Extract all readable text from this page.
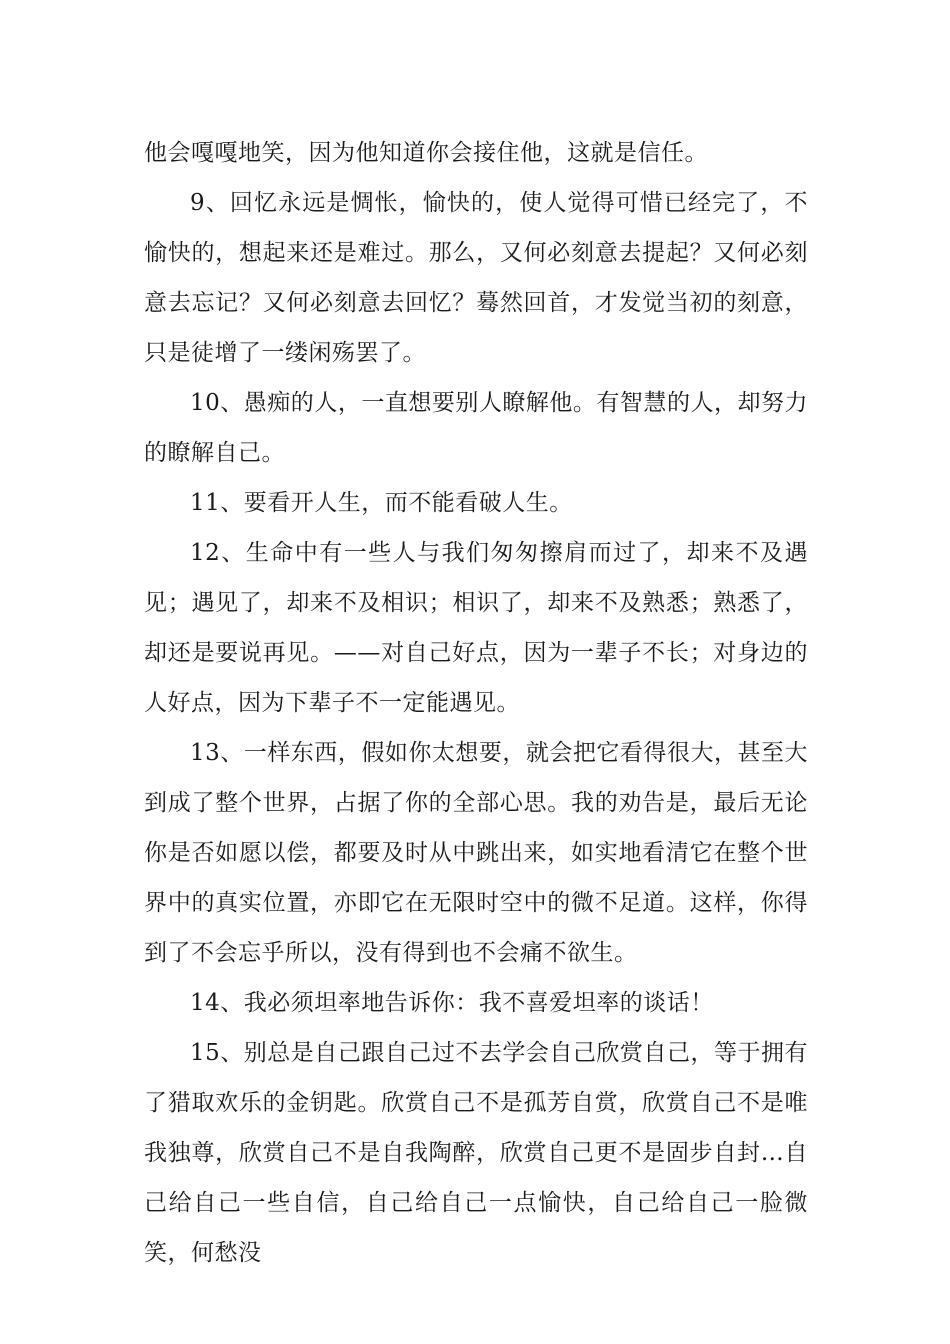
他会嘎嘎地笑，因为他知道你会接住他，这就是信任。

9、回忆永远是惆怅，愉快的，使人觉得可惜已经完了，不愉快的，想起来还是难过。那么，又何必刻意去提起？又何必刻意去忘记？又何必刻意去回忆？蓦然回首，才发觉当初的刻意，只是徒增了一缕闲殇罢了。

10、愚痴的人，一直想要别人瞭解他。有智慧的人，却努力的瞭解自己。

11、要看开人生，而不能看破人生。

12、生命中有一些人与我们匆匆擦肩而过了，却来不及遇见；遇见了，却来不及相识；相识了，却来不及熟悉；熟悉了，却还是要说再见。——对自己好点，因为一辈子不长；对身边的人好点，因为下辈子不一定能遇见。

13、一样东西，假如你太想要，就会把它看得很大，甚至大到成了整个世界，占据了你的全部心思。我的劝告是，最后无论你是否如愿以偿，都要及时从中跳出来，如实地看清它在整个世界中的真实位置，亦即它在无限时空中的微不足道。这样，你得到了不会忘乎所以，没有得到也不会痛不欲生。

14、我必须坦率地告诉你：我不喜爱坦率的谈话！

15、别总是自己跟自己过不去学会自己欣赏自己，等于拥有了猎取欢乐的金钥匙。欣赏自己不是孤芳自赏，欣赏自己不是唯我独尊，欣赏自己不是自我陶醉，欣赏自己更不是固步自封…自己给自己一些自信，自己给自己一点愉快，自己给自己一脸微笑，何愁没
